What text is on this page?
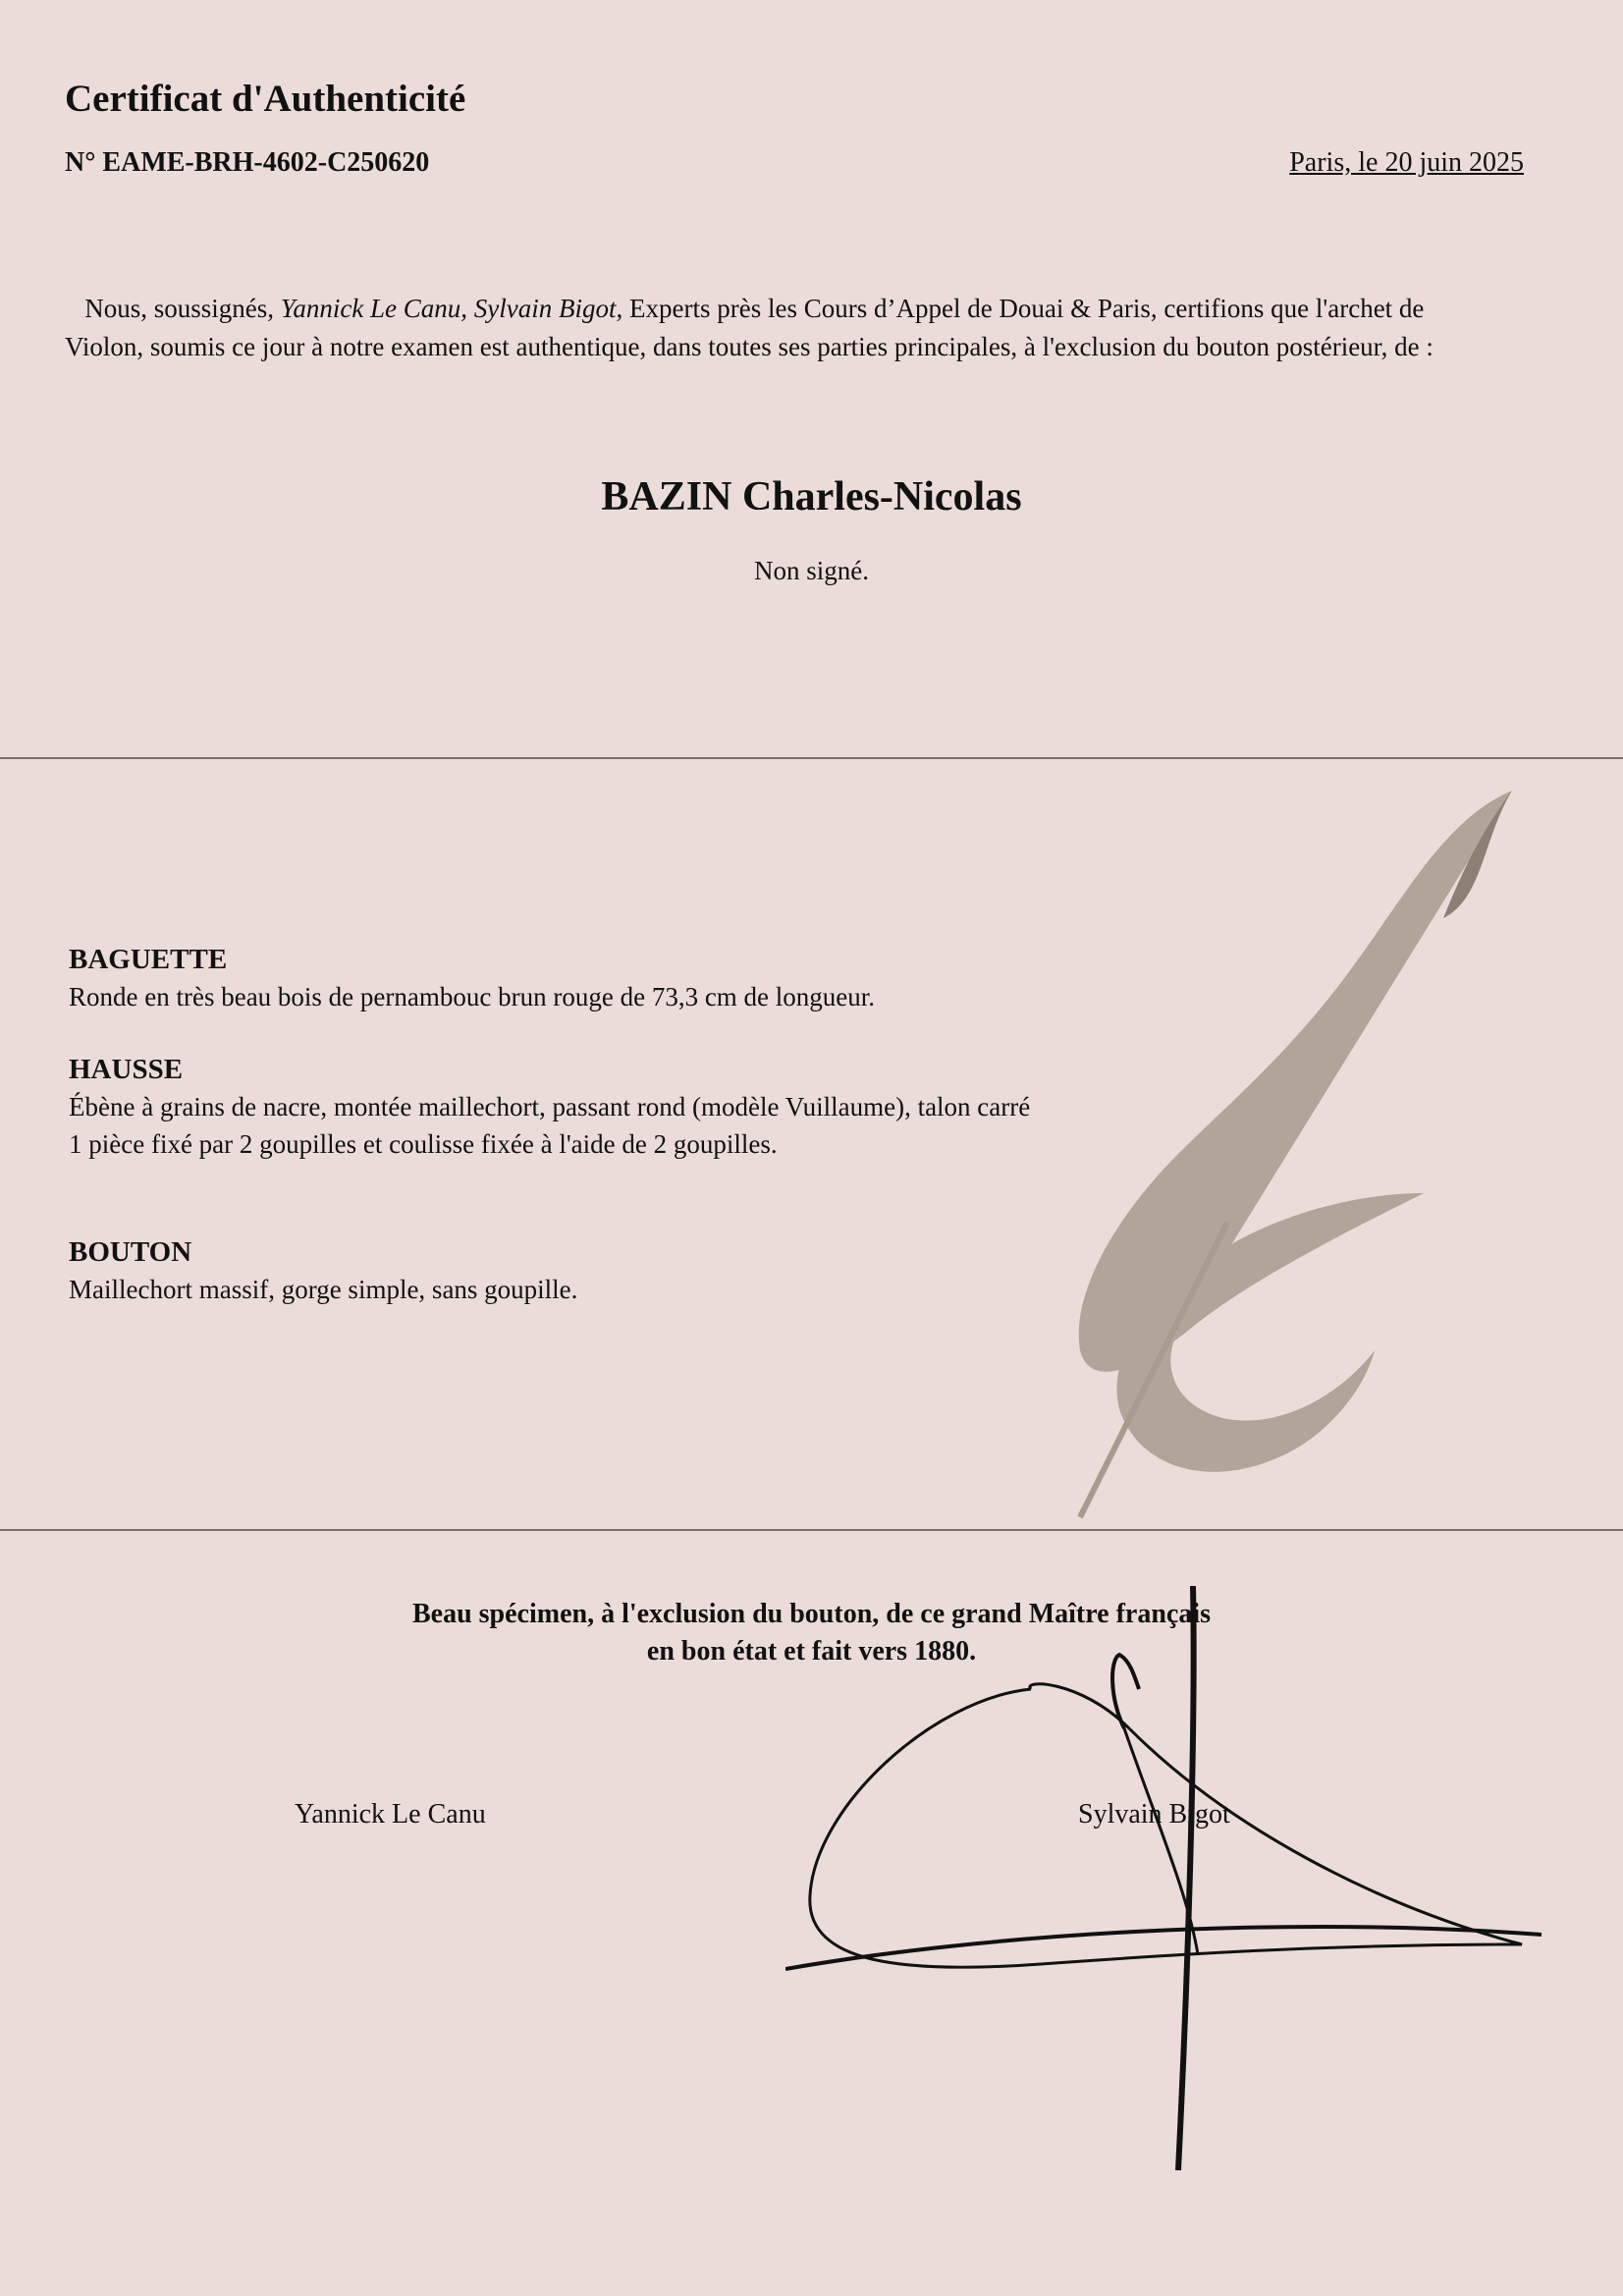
Certificat d'Authenticité
N° EAME-BRH-4602-C250620	Paris, le 20 juin 2025
Nous, soussignés, Yannick Le Canu, Sylvain Bigot, Experts près les Cours d’Appel de Douai & Paris, certifions que l'archet de Violon, soumis ce jour à notre examen est authentique, dans toutes ses parties principales, à l'exclusion du bouton postérieur, de :
BAZIN Charles-Nicolas
Non signé.
BAGUETTE

Ronde en très beau bois de pernambouc brun rouge de 73,3 cm de longueur.

HAUSSE

Ébène à grains de nacre, montée maillechort, passant rond (modèle Vuillaume), talon carré 1 pièce fixé par 2 goupilles et coulisse fixée à l'aide de 2 goupilles.

BOUTON

Maillechort massif, gorge simple, sans goupille.

Beau spécimen, à l'exclusion du bouton, de ce grand Maître français
en bon état et fait vers 1880.
Yannick Le Canu	Sylvain Bigot
